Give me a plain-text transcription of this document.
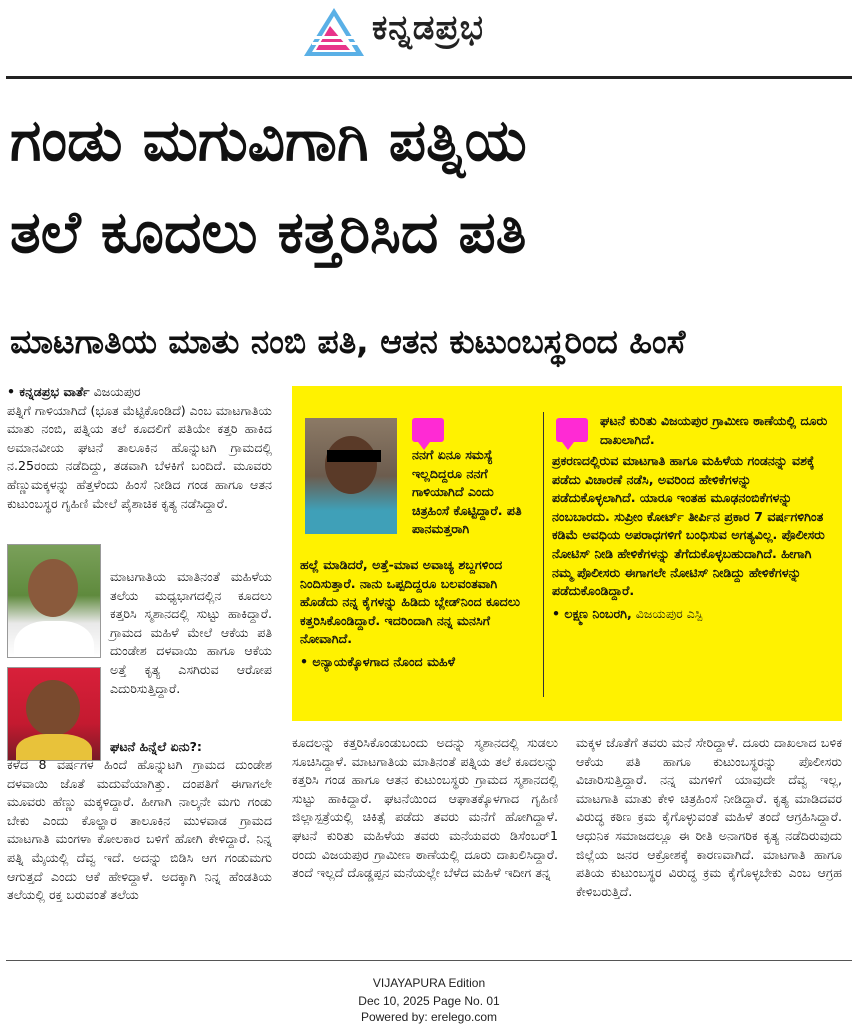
ಕನ್ನಡಪ್ರಭ
ಗಂಡು ಮಗುವಿಗಾಗಿ ಪತ್ನಿಯ
ತಲೆ ಕೂದಲು ಕತ್ತರಿಸಿದ ಪತಿ
ಮಾಟಗಾತಿಯ ಮಾತು ನಂಬಿ ಪತಿ, ಆತನ ಕುಟುಂಬಸ್ಥರಿಂದ ಹಿಂಸೆ

• ಕನ್ನಡಪ್ರಭ ವಾರ್ತೆ ವಿಜಯಪುರ

ಪತ್ನಿಗೆ ಗಾಳಿಯಾಗಿದೆ (ಭೂತ ಮೆಟ್ಟಿಕೊಂಡಿದೆ) ಎಂಬ ಮಾಟಗಾತಿಯ ಮಾತು ನಂಬಿ, ಪತ್ನಿಯ ತಲೆ ಕೂದಲಿಗೆ ಪತಿಯೇ ಕತ್ತರಿ ಹಾಕಿದ ಅಮಾನವೀಯ ಘಟನೆ ತಾಲೂಕಿನ ಹೊನ್ನುಟಗಿ ಗ್ರಾಮದಲ್ಲಿ ನ.25ರಂದು ನಡೆದಿದ್ದು, ತಡವಾಗಿ ಬೆಳಕಿಗೆ ಬಂದಿದೆ. ಮೂವರು ಹೆಣ್ಣುಮಕ್ಕಳನ್ನು ಹೆತ್ತಳೆಂದು ಹಿಂಸೆ ನೀಡಿದ ಗಂಡ ಹಾಗೂ ಆತನ ಕುಟುಂಬಸ್ಥರ ಗೃಹಿಣಿ ಮೇಲೆ ಪೈಶಾಚಿಕ ಕೃತ್ಯ ನಡೆಸಿದ್ದಾರೆ.

ಮಾಟಗಾತಿಯ ಮಾತಿನಂತೆ ಮಹಿಳೆಯ ತಲೆಯ ಮಧ್ಯಭಾಗದಲ್ಲಿನ ಕೂದಲು ಕತ್ತರಿಸಿ ಸ್ಮಶಾನದಲ್ಲಿ ಸುಟ್ಟು ಹಾಕಿದ್ದಾರೆ. ಗ್ರಾಮದ ಮಹಿಳೆ ಮೇಲೆ ಆಕೆಯ ಪತಿ ದುಂಡೇಶ ದಳವಾಯಿ ಹಾಗೂ ಆಕೆಯ ಅತ್ತೆ ಕೃತ್ಯ ಎಸಗಿರುವ ಆರೋಪ ಎದುರಿಸುತ್ತಿದ್ದಾರೆ.

ಘಟನೆ ಹಿನ್ನೆಲೆ ಏನು?:

ಕಳೆದ 8 ವರ್ಷಗಳ ಹಿಂದೆ ಹೊನ್ನುಟಗಿ ಗ್ರಾಮದ ದುಂಡೇಶ ದಳವಾಯಿ ಜೊತೆ ಮದುವೆಯಾಗಿತ್ತು. ದಂಪತಿಗೆ ಈಗಾಗಲೇ ಮೂವರು ಹೆಣ್ಣು ಮಕ್ಕಳಿದ್ದಾರೆ. ಹೀಗಾಗಿ ನಾಲ್ಕನೇ ಮಗು ಗಂಡು ಬೇಕು ಎಂದು ಕೊಲ್ಹಾರ ತಾಲೂಕಿನ ಮುಳವಾಡ ಗ್ರಾಮದ ಮಾಟಗಾತಿ ಮಂಗಳಾ ಕೋಲಕಾರ ಬಳಿಗೆ ಹೋಗಿ ಕೇಳಿದ್ದಾರೆ. ನಿನ್ನ ಪತ್ನಿ ಮೈಯಲ್ಲಿ ದೆವ್ವ ಇದೆ. ಅದನ್ನು ಬಿಡಿಸಿ ಆಗ ಗಂಡುಮಗು ಆಗುತ್ತದೆ ಎಂದು ಆಕೆ ಹೇಳಿದ್ದಾಳೆ. ಅದಕ್ಕಾಗಿ ನಿನ್ನ ಹೆಂಡತಿಯ ತಲೆಯಲ್ಲಿ ರಕ್ತ ಬರುವಂತೆ ತಲೆಯ

ನನಗೆ ಏನೂ ಸಮಸ್ಯೆ ಇಲ್ಲದಿದ್ದರೂ ನನಗೆ ಗಾಳಿಯಾಗಿದೆ ಎಂದು ಚಿತ್ರಹಿಂಸೆ ಕೊಟ್ಟಿದ್ದಾರೆ. ಪತಿ ಪಾನಮತ್ತರಾಗಿ

ಹಲ್ಲೆ ಮಾಡಿದರೆ, ಅತ್ತೆ-ಮಾವ ಅವಾಚ್ಯ ಶಬ್ದಗಳಿಂದ ನಿಂದಿಸುತ್ತಾರೆ. ನಾನು ಒಪ್ಪದಿದ್ದರೂ ಬಲವಂತವಾಗಿ ಹೊಡೆದು ನನ್ನ ಕೈಗಳನ್ನು ಹಿಡಿದು ಬ್ಲೇಡ್‌ನಿಂದ ಕೂದಲು ಕತ್ತರಿಸಿಕೊಂಡಿದ್ದಾರೆ. ಇದರಿಂದಾಗಿ ನನ್ನ ಮನಸಿಗೆ ನೋವಾಗಿದೆ.

• ಅನ್ಯಾಯಕ್ಕೊಳಗಾದ ನೊಂದ ಮಹಿಳೆ

ಘಟನೆ ಕುರಿತು ವಿಜಯಪುರ ಗ್ರಾಮೀಣ ಠಾಣೆಯಲ್ಲಿ ದೂರು ದಾಖಲಾಗಿದೆ.

ಪ್ರಕರಣದಲ್ಲಿರುವ ಮಾಟಗಾತಿ ಹಾಗೂ ಮಹಿಳೆಯ ಗಂಡನನ್ನು ವಶಕ್ಕೆ ಪಡೆದು ವಿಚಾರಣೆ ನಡೆಸಿ, ಅವರಿಂದ ಹೇಳಿಕೆಗಳನ್ನು ಪಡೆದುಕೊಳ್ಳಲಾಗಿದೆ. ಯಾರೂ ಇಂತಹ ಮೂಢನಂಬಿಕೆಗಳನ್ನು ನಂಬಬಾರದು. ಸುಪ್ರೀಂ ಕೋರ್ಟ್ ತೀರ್ಪಿನ ಪ್ರಕಾರ 7 ವರ್ಷಗಳಿಗಿಂತ ಕಡಿಮೆ ಅವಧಿಯ ಅಪರಾಧಗಳಿಗೆ ಬಂಧಿಸುವ ಅಗತ್ಯವಿಲ್ಲ. ಪೊಲೀಸರು ನೋಟಿಸ್ ನೀಡಿ ಹೇಳಿಕೆಗಳನ್ನು ತೆಗೆದುಕೊಳ್ಳಬಹುದಾಗಿದೆ. ಹೀಗಾಗಿ ನಮ್ಮ ಪೊಲೀಸರು ಈಗಾಗಲೇ ನೋಟಿಸ್ ನೀಡಿದ್ದು ಹೇಳಿಕೆಗಳನ್ನು ಪಡೆದುಕೊಂಡಿದ್ದಾರೆ.

• ಲಕ್ಷ್ಮಣ ನಿಂಬರಗಿ, ವಿಜಯಪುರ ಎಸ್ಪಿ

ಕೂದಲನ್ನು ಕತ್ತರಿಸಿಕೊಂಡುಬಂದು ಅದನ್ನು ಸ್ಮಶಾನದಲ್ಲಿ ಸುಡಲು ಸೂಚಿಸಿದ್ದಾಳೆ. ಮಾಟಗಾತಿಯ ಮಾತಿನಂತೆ ಪತ್ನಿಯ ತಲೆ ಕೂದಲನ್ನು ಕತ್ತರಿಸಿ ಗಂಡ ಹಾಗೂ ಆತನ ಕುಟುಂಬಸ್ಥರು ಗ್ರಾಮದ ಸ್ಮಶಾನದಲ್ಲಿ ಸುಟ್ಟು ಹಾಕಿದ್ದಾರೆ. ಘಟನೆಯಿಂದ ಆಘಾತಕ್ಕೊಳಗಾದ ಗೃಹಿಣಿ ಜಿಲ್ಲಾಸ್ಪತ್ರೆಯಲ್ಲಿ ಚಿಕಿತ್ಸೆ ಪಡೆದು ತವರು ಮನೆಗೆ ಹೋಗಿದ್ದಾಳೆ. ಘಟನೆ ಕುರಿತು ಮಹಿಳೆಯ ತವರು ಮನೆಯವರು ಡಿಸೆಂಬರ್1 ರಂದು ವಿಜಯಪುರ ಗ್ರಾಮೀಣ ಠಾಣೆಯಲ್ಲಿ ದೂರು ದಾಖಲಿಸಿದ್ದಾರೆ. ತಂದೆ ಇಲ್ಲದೆ ದೊಡ್ಡಪ್ಪನ ಮನೆಯಲ್ಲೇ ಬೆಳೆದ ಮಹಿಳೆ ಇದೀಗ ತನ್ನ

ಮಕ್ಕಳ ಜೊತೆಗೆ ತವರು ಮನೆ ಸೇರಿದ್ದಾಳೆ. ದೂರು ದಾಖಲಾದ ಬಳಿಕ ಆಕೆಯ ಪತಿ ಹಾಗೂ ಕುಟುಂಬಸ್ಥರನ್ನು ಪೊಲೀಸರು ವಿಚಾರಿಸುತ್ತಿದ್ದಾರೆ. ನನ್ನ ಮಗಳಿಗೆ ಯಾವುದೇ ದೆವ್ವ ಇಲ್ಲ, ಮಾಟಗಾತಿ ಮಾತು ಕೇಳಿ ಚಿತ್ರಹಿಂಸೆ ನೀಡಿದ್ದಾರೆ. ಕೃತ್ಯ ಮಾಡಿದವರ ವಿರುದ್ಧ ಕಠಿಣ ಕ್ರಮ ಕೈಗೊಳ್ಳುವಂತೆ ಮಹಿಳೆ ತಂದೆ ಆಗ್ರಹಿಸಿದ್ದಾರೆ. ಆಧುನಿಕ ಸಮಾಜದಲ್ಲೂ ಈ ರೀತಿ ಅನಾಗರಿಕ ಕೃತ್ಯ ನಡೆದಿರುವುದು ಜಿಲ್ಲೆಯ ಜನರ ಆಕ್ರೋಶಕ್ಕೆ ಕಾರಣವಾಗಿದೆ. ಮಾಟಗಾತಿ ಹಾಗೂ ಪತಿಯ ಕುಟುಂಬಸ್ಥರ ವಿರುದ್ಧ ಕ್ರಮ ಕೈಗೊಳ್ಳಬೇಕು ಎಂಬ ಆಗ್ರಹ ಕೇಳಿಬರುತ್ತಿದೆ.

VIJAYAPURA Edition
Dec 10, 2025 Page No. 01
Powered by: erelego.com
